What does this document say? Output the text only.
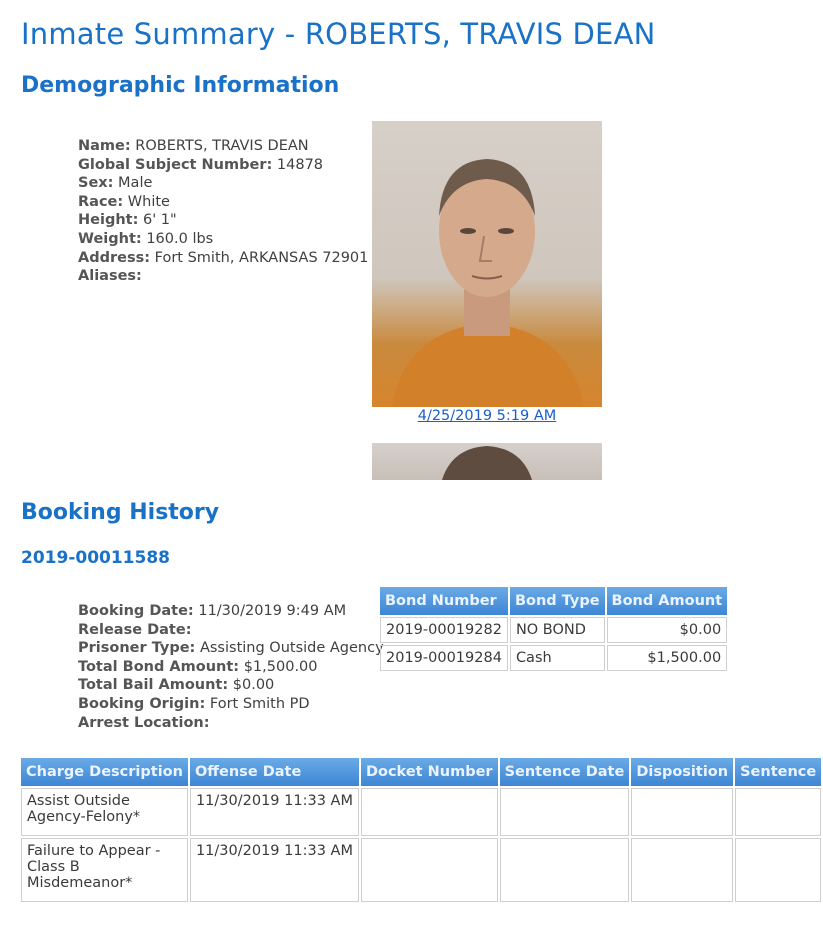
Inmate Summary - ROBERTS, TRAVIS DEAN
Demographic Information
Name: ROBERTS, TRAVIS DEAN
Global Subject Number: 14878
Sex: Male
Race: White
Height: 6' 1"
Weight: 160.0 lbs
Address: Fort Smith, ARKANSAS 72901
Aliases:
4/25/2019 5:19 AM
Booking History
2019-00011588
Booking Date: 11/30/2019 9:49 AM
Release Date:
Prisoner Type: Assisting Outside Agency
Total Bond Amount: $1,500.00
Total Bail Amount: $0.00
Booking Origin: Fort Smith PD
Arrest Location:
Bond Number	Bond Type	Bond Amount
2019-00019282	NO BOND	$0.00
2019-00019284	Cash	$1,500.00
Charge Description	Offense Date	Docket Number	Sentence Date	Disposition	Sentence
Assist Outside Agency-Felony*	11/30/2019 11:33 AM				
Failure to Appear - Class B Misdemeanor*	11/30/2019 11:33 AM				
